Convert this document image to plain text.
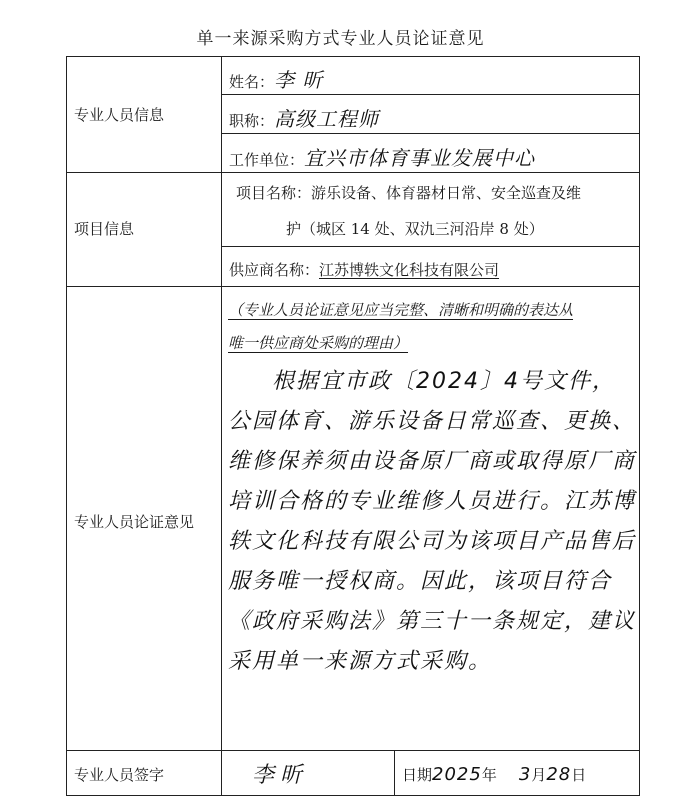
单一来源采购方式专业人员论证意见
专业人员信息
姓名：李 昕
职称：高级工程师
工作单位：宜兴市体育事业发展中心
项目信息
项目名称：游乐设备、体育器材日常、安全巡查及维
护（城区 14 处、双氿三河沿岸 8 处）
供应商名称：江苏博轶文化科技有限公司
专业人员论证意见
（专业人员论证意见应当完整、清晰和明确的表达从
唯一供应商处采购的理由）
根据宜市政〔2024〕4号文件，公园体育、游乐设备日常巡查、更换、维修保养须由设备原厂商或取得原厂商培训合格的专业维修人员进行。江苏博轶文化科技有限公司为该项目产品售后服务唯一授权商。因此，该项目符合《政府采购法》第三十一条规定，建议采用单一来源方式采购。
专业人员签字	李昕	日期2025年 3月28日
